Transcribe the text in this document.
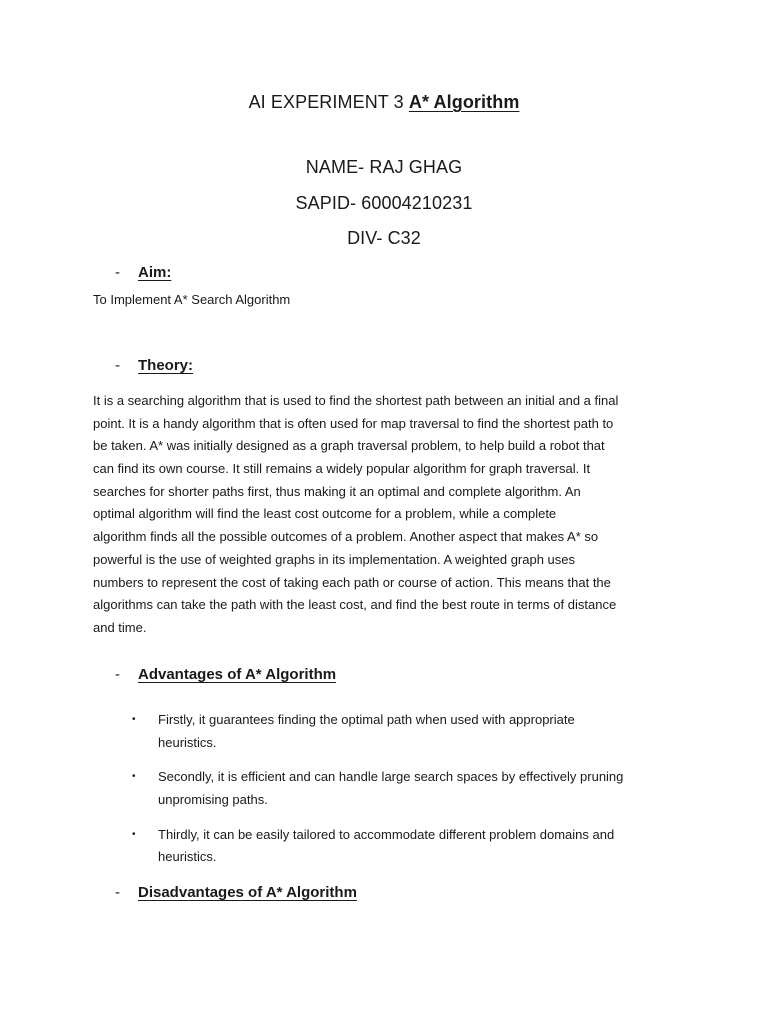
AI EXPERIMENT 3 A* Algorithm
NAME- RAJ GHAG
SAPID- 60004210231
DIV- C32
- Aim:
To Implement A* Search Algorithm
- Theory:
It is a searching algorithm that is used to find the shortest path between an initial and a final
point. It is a handy algorithm that is often used for map traversal to find the shortest path to
be taken. A* was initially designed as a graph traversal problem, to help build a robot that
can find its own course. It still remains a widely popular algorithm for graph traversal. It
searches for shorter paths first, thus making it an optimal and complete algorithm. An
optimal algorithm will find the least cost outcome for a problem, while a complete
algorithm finds all the possible outcomes of a problem. Another aspect that makes A* so
powerful is the use of weighted graphs in its implementation. A weighted graph uses
numbers to represent the cost of taking each path or course of action. This means that the
algorithms can take the path with the least cost, and find the best route in terms of distance
and time.
- Advantages of A* Algorithm
• Firstly, it guarantees finding the optimal path when used with appropriate
heuristics.
• Secondly, it is efficient and can handle large search spaces by effectively pruning
unpromising paths.
• Thirdly, it can be easily tailored to accommodate different problem domains and
heuristics.
- Disadvantages of A* Algorithm
